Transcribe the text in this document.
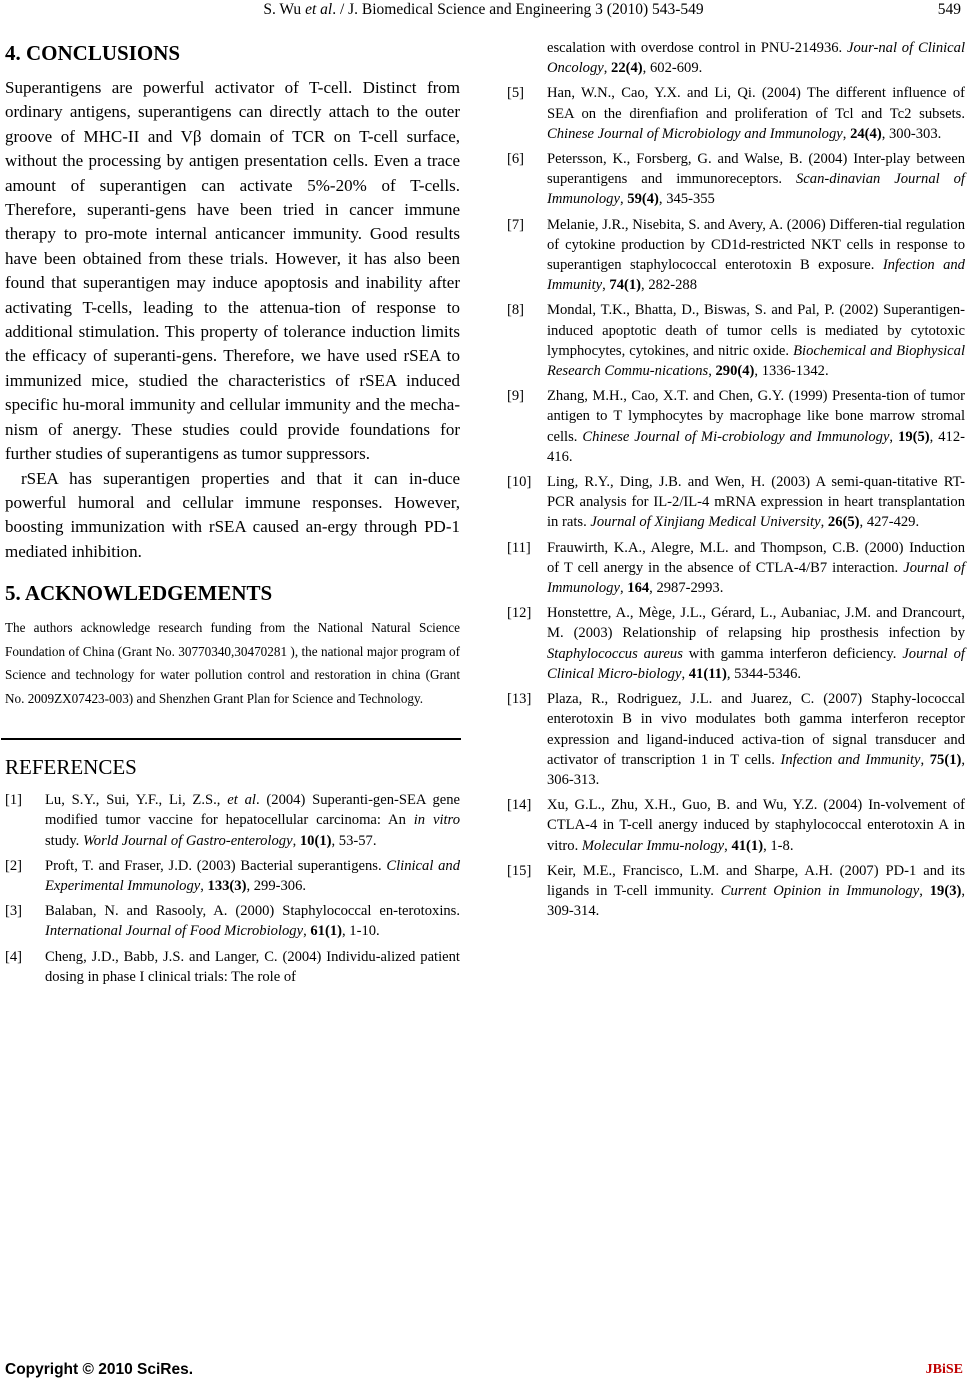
S. Wu et al. / J. Biomedical Science and Engineering 3 (2010) 543-549	549
4. CONCLUSIONS

Superantigens are powerful activator of T-cell. Distinct from ordinary antigens, superantigens can directly attach to the outer groove of MHC-II and Vβ domain of TCR on T-cell surface, without the processing by antigen presentation cells. Even a trace amount of superantigen can activate 5%-20% of T-cells. Therefore, superanti-gens have been tried in cancer immune therapy to pro-mote internal anticancer immunity. Good results have been obtained from these trials. However, it has also been found that superantigen may induce apoptosis and inability after activating T-cells, leading to the attenua-tion of response to additional stimulation. This property of tolerance induction limits the efficacy of superanti-gens. Therefore, we have used rSEA to immunized mice, studied the characteristics of rSEA induced specific hu-moral immunity and cellular immunity and the mecha-nism of anergy. These studies could provide foundations for further studies of superantigens as tumor suppressors.

rSEA has superantigen properties and that it can in-duce powerful humoral and cellular immune responses. However, boosting immunization with rSEA caused an-ergy through PD-1 mediated inhibition.

5. ACKNOWLEDGEMENTS

The authors acknowledge research funding from the National Natural Science Foundation of China (Grant No. 30770340,30470281 ), the national major program of Science and technology for water pollution control and restoration in china (Grant No. 2009ZX07423-003) and Shenzhen Grant Plan for Science and Technology.

REFERENCES
[1]	Lu, S.Y., Sui, Y.F., Li, Z.S., et al. (2004) Superanti-gen-SEA gene modified tumor vaccine for hepatocellular carcinoma: An in vitro study. World Journal of Gastro-enterology, 10(1), 53-57.
[2]	Proft, T. and Fraser, J.D. (2003) Bacterial superantigens. Clinical and Experimental Immunology, 133(3), 299-306.
[3]	Balaban, N. and Rasooly, A. (2000) Staphylococcal en-terotoxins. International Journal of Food Microbiology, 61(1), 1-10.
[4]	Cheng, J.D., Babb, J.S. and Langer, C. (2004) Individu-alized patient dosing in phase I clinical trials: The role of
escalation with overdose control in PNU-214936. Jour-nal of Clinical Oncology, 22(4), 602-609.
[5]	Han, W.N., Cao, Y.X. and Li, Qi. (2004) The different influence of SEA on the direnfiafion and proliferation of Tcl and Tc2 subsets. Chinese Journal of Microbiology and Immunology, 24(4), 300-303.
[6]	Petersson, K., Forsberg, G. and Walse, B. (2004) Inter-play between superantigens and immunoreceptors. Scan-dinavian Journal of Immunology, 59(4), 345-355
[7]	Melanie, J.R., Nisebita, S. and Avery, A. (2006) Differen-tial regulation of cytokine production by CD1d-restricted NKT cells in response to superantigen staphylococcal enterotoxin B exposure. Infection and Immunity, 74(1), 282-288
[8]	Mondal, T.K., Bhatta, D., Biswas, S. and Pal, P. (2002) Superantigen-induced apoptotic death of tumor cells is mediated by cytotoxic lymphocytes, cytokines, and nitric oxide. Biochemical and Biophysical Research Commu-nications, 290(4), 1336-1342.
[9]	Zhang, M.H., Cao, X.T. and Chen, G.Y. (1999) Presenta-tion of tumor antigen to T lymphocytes by macrophage like bone marrow stromal cells. Chinese Journal of Mi-crobiology and Immunology, 19(5), 412-416.
[10]	Ling, R.Y., Ding, J.B. and Wen, H. (2003) A semi-quan-titative RT-PCR analysis for IL-2/IL-4 mRNA expression in heart transplantation in rats. Journal of Xinjiang Medical University, 26(5), 427-429.
[11]	Frauwirth, K.A., Alegre, M.L. and Thompson, C.B. (2000) Induction of T cell anergy in the absence of CTLA-4/B7 interaction. Journal of Immunology, 164, 2987-2993.
[12]	Honstettre, A., Mège, J.L., Gérard, L., Aubaniac, J.M. and Drancourt, M. (2003) Relationship of relapsing hip prosthesis infection by Staphylococcus aureus with gamma interferon deficiency. Journal of Clinical Micro-biology, 41(11), 5344-5346.
[13]	Plaza, R., Rodriguez, J.L. and Juarez, C. (2007) Staphy-lococcal enterotoxin B in vivo modulates both gamma interferon receptor expression and ligand-induced activa-tion of signal transducer and activator of transcription 1 in T cells. Infection and Immunity, 75(1), 306-313.
[14]	Xu, G.L., Zhu, X.H., Guo, B. and Wu, Y.Z. (2004) In-volvement of CTLA-4 in T-cell anergy induced by staphylococcal enterotoxin A in vitro. Molecular Immu-nology, 41(1), 1-8.
[15]	Keir, M.E., Francisco, L.M. and Sharpe, A.H. (2007) PD-1 and its ligands in T-cell immunity. Current Opinion in Immunology, 19(3), 309-314.
Copyright © 2010 SciRes.	JBiSE
